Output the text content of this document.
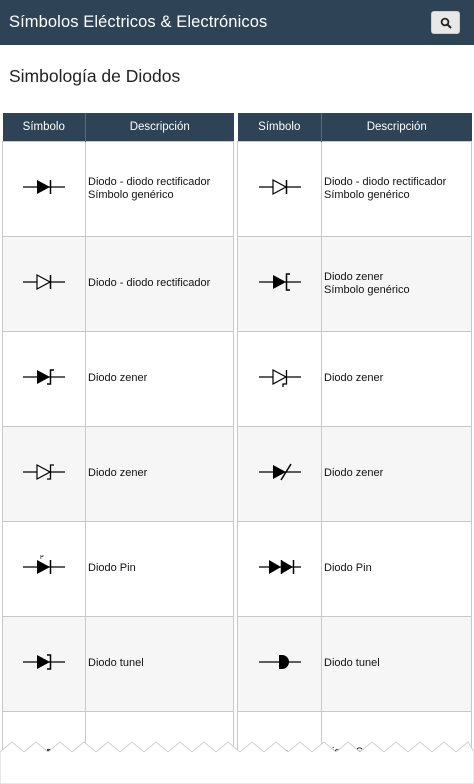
Símbolos Eléctricos & Electrónicos
Simbología de Diodos
Símbolo	Descripción

Diodo - diodo rectificador
Símbolo genérico

Diodo - diodo rectificador

Diodo zener

Diodo zener

P	Diodo Pin

Diodo tunel

Símbolo	Descripción

Diodo - diodo rectificador
Símbolo genérico

Diodo zener
Símbolo genérico

Diodo zener

Diodo zener

Diodo Pin

Diodo tunel
